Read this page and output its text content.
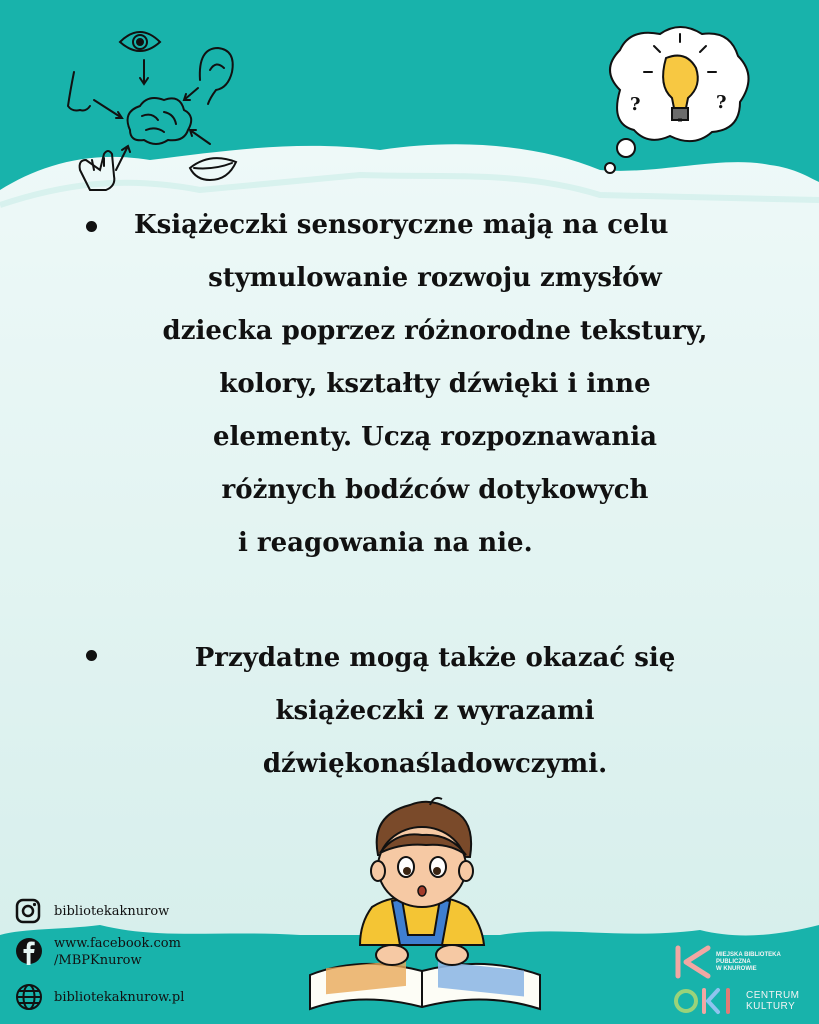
?	?
Książeczki sensoryczne mają na celu
stymulowanie rozwoju zmysłów
dziecka poprzez różnorodne tekstury,
kolory, kształty dźwięki i inne
elementy. Uczą rozpoznawania
różnych bodźców dotykowych
i reagowania na nie.
Przydatne mogą także okazać się
książeczki z wyrazami
dźwiękonaśladowczymi.
bibliotekaknurow
www.facebook.com
/MBPKnurow
bibliotekaknurow.pl
MIEJSKA BIBLIOTEKA
PUBLICZNA
W KNUROWIE
CENTRUM
KULTURY
